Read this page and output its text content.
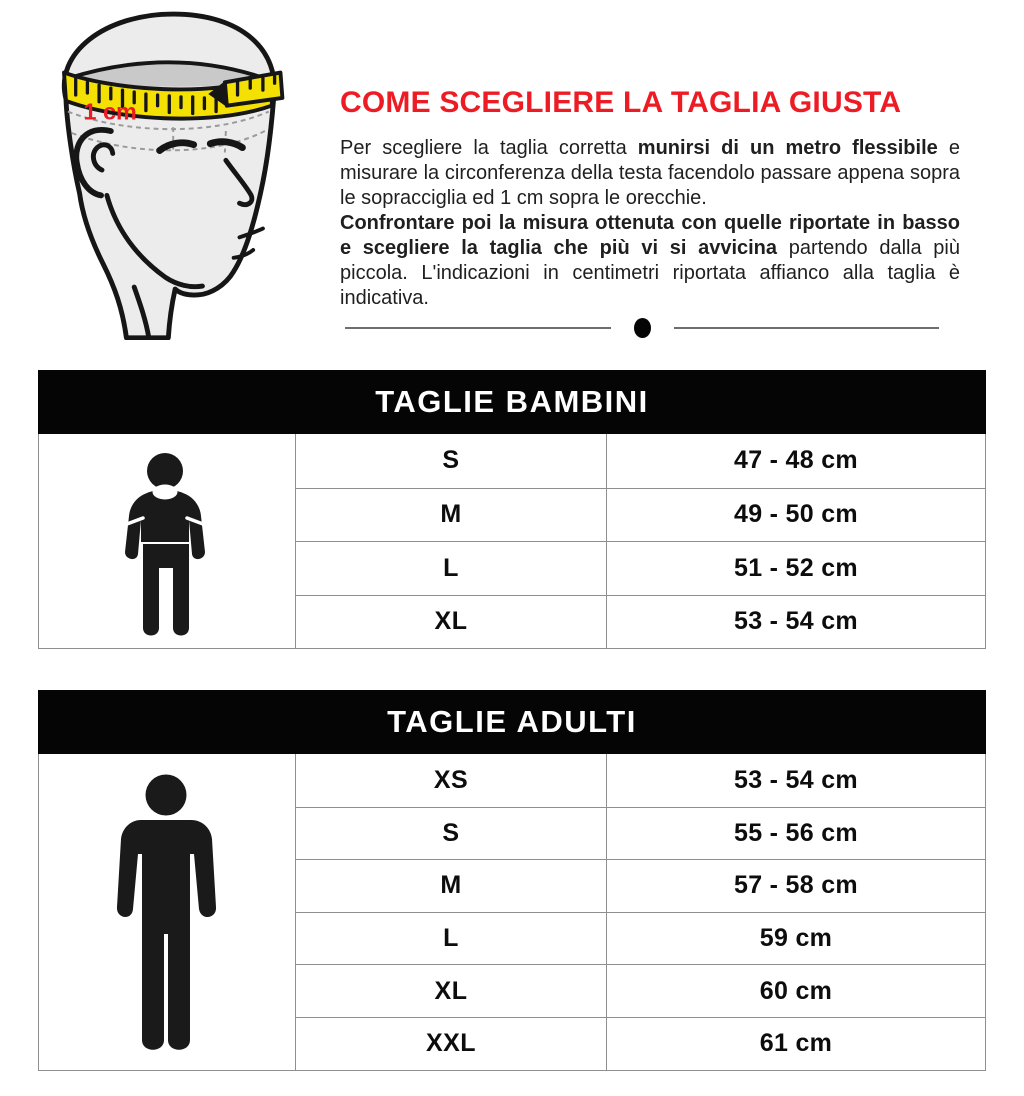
1 cm	COME SCEGLIERE LA TAGLIA GIUSTA

Per scegliere la taglia corretta munirsi di un metro flessibile e misurare la circonferenza della testa facendolo passare appena sopra le sopracciglia ed 1 cm sopra le orecchie.

Confrontare poi la misura ottenuta con quelle riportate in basso e scegliere la taglia che più vi si avvicina partendo dalla più piccola. L'indicazioni in centimetri riportata affianco alla taglia è indicativa.

TAGLIE BAMBINI
S	47 - 48 cm
M	49 - 50 cm
L	51 - 52 cm
XL	53 - 54 cm
TAGLIE ADULTI
XS	53 - 54 cm
S	55 - 56 cm
M	57 - 58 cm
L	59 cm
XL	60 cm
XXL	61 cm
